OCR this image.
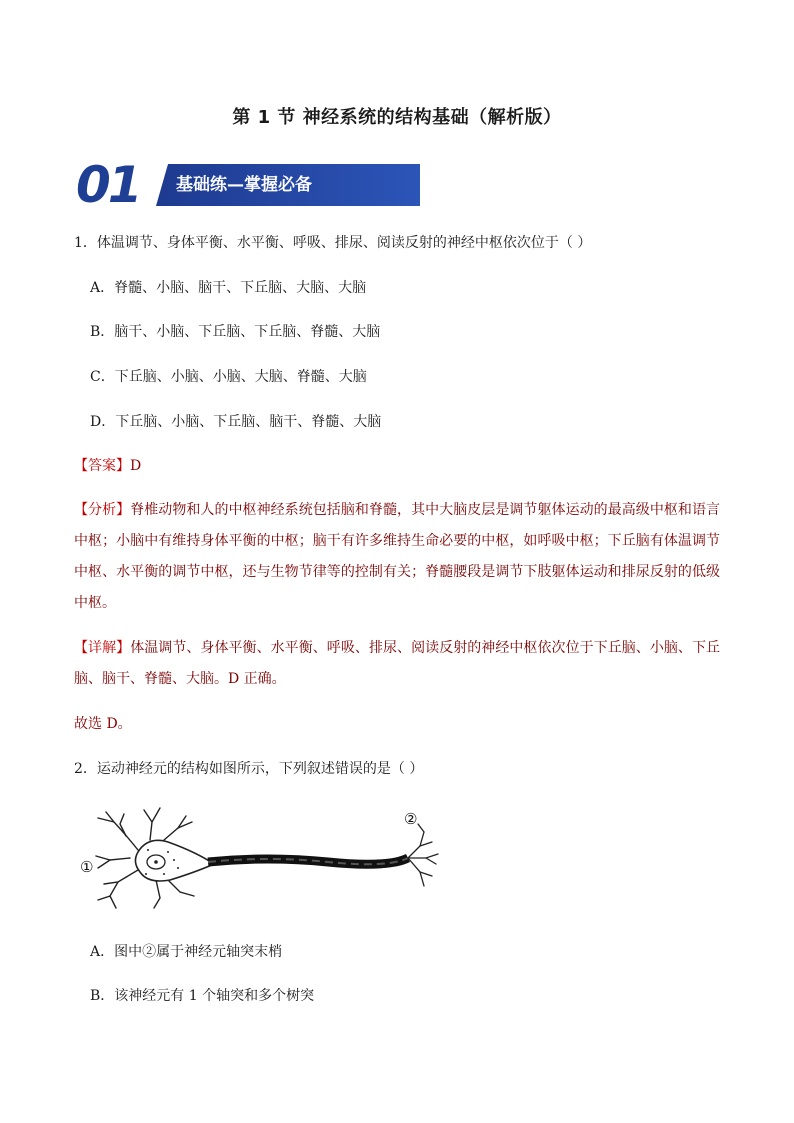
第 1 节 神经系统的结构基础（解析版）
01	基础练—掌握必备
1．体温调节、身体平衡、水平衡、呼吸、排尿、阅读反射的神经中枢依次位于（ ）
A．脊髓、小脑、脑干、下丘脑、大脑、大脑
B．脑干、小脑、下丘脑、下丘脑、脊髓、大脑
C．下丘脑、小脑、小脑、大脑、脊髓、大脑
D．下丘脑、小脑、下丘脑、脑干、脊髓、大脑
【答案】D
【分析】脊椎动物和人的中枢神经系统包括脑和脊髓，其中大脑皮层是调节躯体运动的最高级中枢和语言中枢；小脑中有维持身体平衡的中枢；脑干有许多维持生命必要的中枢，如呼吸中枢；下丘脑有体温调节中枢、水平衡的调节中枢，还与生物节律等的控制有关；脊髓腰段是调节下肢躯体运动和排尿反射的低级中枢。
【详解】体温调节、身体平衡、水平衡、呼吸、排尿、阅读反射的神经中枢依次位于下丘脑、小脑、下丘脑、脑干、脊髓、大脑。D 正确。
故选 D。
2．运动神经元的结构如图所示，下列叙述错误的是（ ）
①
②
A．图中②属于神经元轴突末梢
B．该神经元有 1 个轴突和多个树突
